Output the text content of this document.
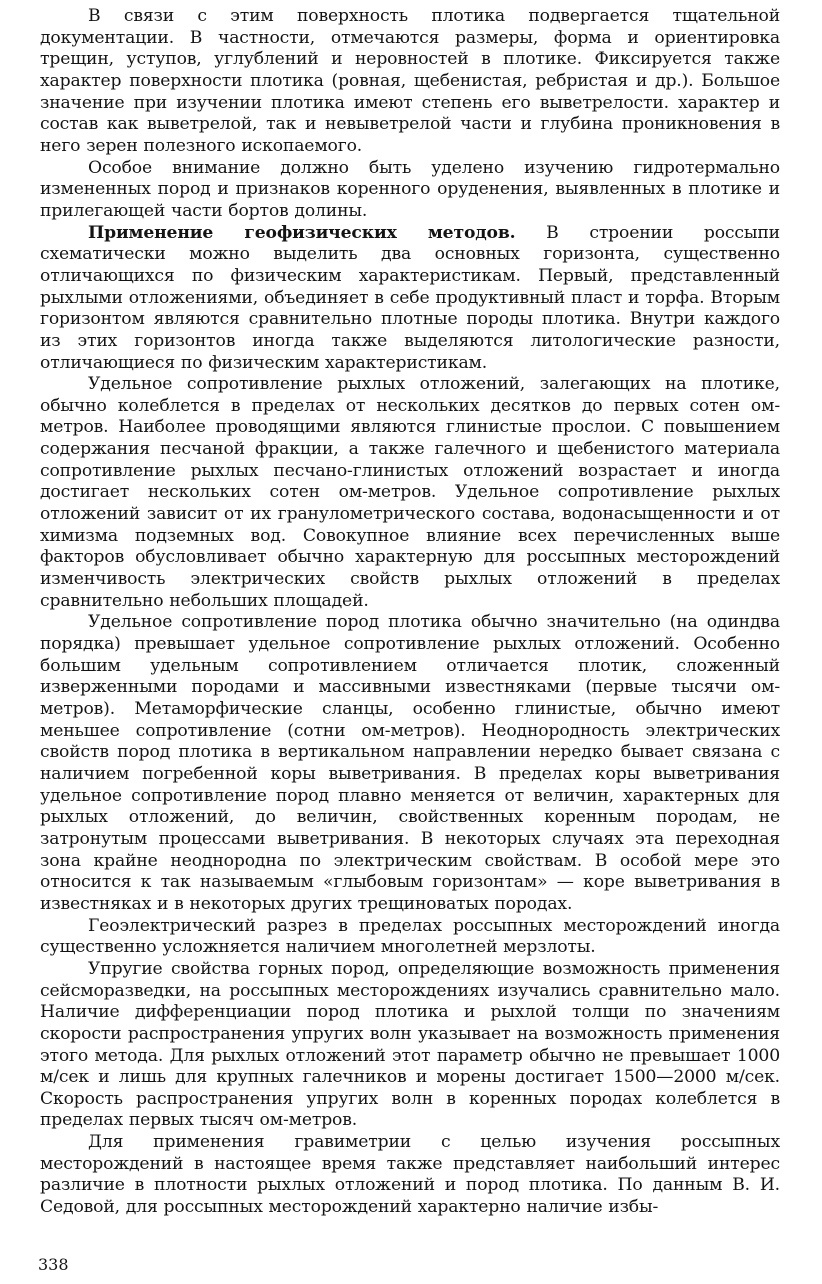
В связи с этим поверхность плотика подвергается тщательной документации. В частности, отмечаются размеры, форма и ориентировка трещин, уступов, углублений и неровностей в плотике. Фиксируется также характер поверхности плотика (ровная, щебенистая, ребристая и др.). Большое значение при изучении плотика имеют степень его выветрелости. характер и состав как выветрелой, так и невыветрелой части и глубина проникновения в него зерен полезного ископаемого.

Особое внимание должно быть уделено изучению гидротермально измененных пород и признаков коренного оруденения, выявленных в плотике и прилегающей части бортов долины.

Применение геофизических методов. В строении россыпи схематически можно выделить два основных горизонта, существенно отличающихся по физическим характеристикам. Первый, представленный рыхлыми отложениями, объединяет в себе продуктивный пласт и торфа. Вторым горизонтом являются сравнительно плотные породы плотика. Внутри каждого из этих горизонтов иногда также выделяются литологические разности, отличающиеся по физическим характеристикам.

Удельное сопротивление рыхлых отложений, залегающих на плотике, обычно колеблется в пределах от нескольких десятков до первых сотен ом-метров. Наиболее проводящими являются глинистые прослои. С повышением содержания песчаной фракции, а также галечного и щебенистого материала сопротивление рыхлых песчано-глинистых отложений возрастает и иногда достигает нескольких сотен ом-метров. Удельное сопротивление рыхлых отложений зависит от их гранулометрического состава, водонасыщенности и от химизма подземных вод. Совокупное влияние всех перечисленных выше факторов обусловливает обычно характерную для россыпных месторождений изменчивость электрических свойств рыхлых отложений в пределах сравнительно небольших площадей.

Удельное сопротивление пород плотика обычно значительно (на одиндва порядка) превышает удельное сопротивление рыхлых отложений. Особенно большим удельным сопротивлением отличается плотик, сложенный изверженными породами и массивными известняками (первые тысячи ом-метров). Метаморфические сланцы, особенно глинистые, обычно имеют меньшее сопротивление (сотни ом-метров). Неоднородность электрических свойств пород плотика в вертикальном направлении нередко бывает связана с наличием погребенной коры выветривания. В пределах коры выветривания удельное сопротивление пород плавно меняется от величин, характерных для рыхлых отложений, до величин, свойственных коренным породам, не затронутым процессами выветривания. В некоторых случаях эта переходная зона крайне неоднородна по электрическим свойствам. В особой мере это относится к так называемым «глыбовым горизонтам» — коре выветривания в известняках и в некоторых других трещиноватых породах.

Геоэлектрический разрез в пределах россыпных месторождений иногда существенно усложняется наличием многолетней мерзлоты.

Упругие свойства горных пород, определяющие возможность применения сейсморазведки, на россыпных месторождениях изучались сравнительно мало. Наличие дифференциации пород плотика и рыхлой толщи по значениям скорости распространения упругих волн указывает на возможность применения этого метода. Для рыхлых отложений этот параметр обычно не превышает 1000 м/сек и лишь для крупных галечников и морены достигает 1500—2000 м/сек. Скорость распространения упругих волн в коренных породах колеблется в пределах первых тысяч ом-метров.

Для применения гравиметрии с целью изучения россыпных месторождений в настоящее время также представляет наибольший интерес различие в плотности рыхлых отложений и пород плотика. По данным В. И. Седовой, для россыпных месторождений характерно наличие избы-

338
